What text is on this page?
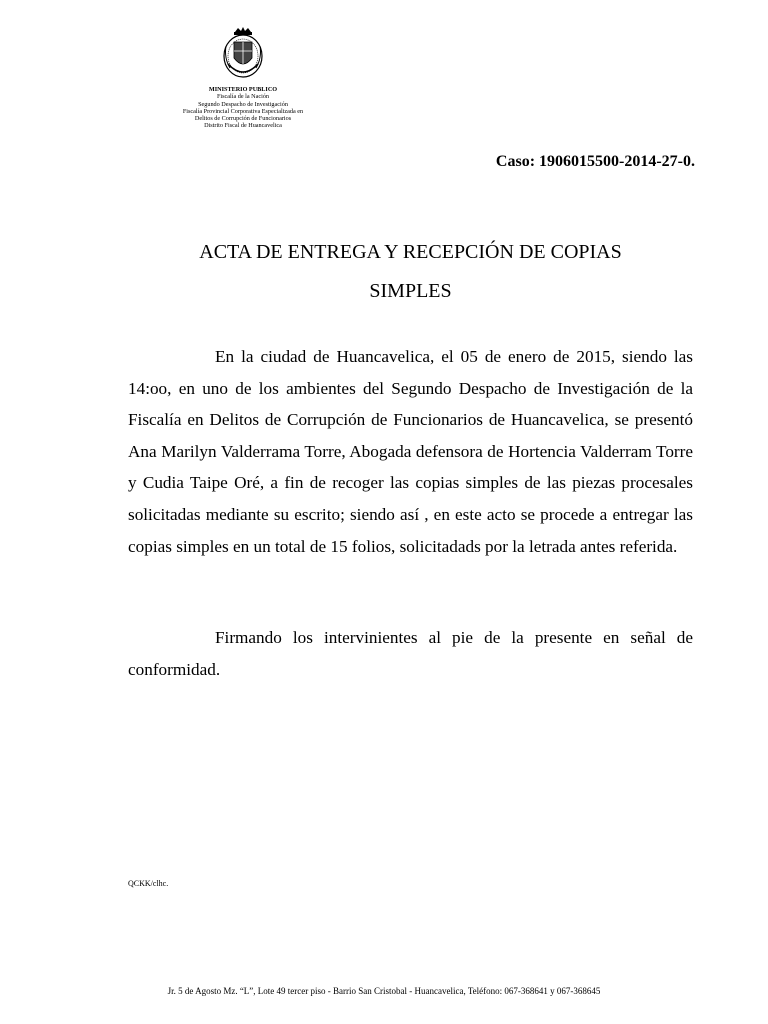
MINISTERIO PUBLICO
Fiscalía de la Nación
Segundo Despacho de Investigación
Fiscalía Provincial Corporativa Especializada en
Delitos de Corrupción de Funcionarios
Distrito Fiscal de Huancavelica
Caso: 1906015500-2014-27-0.
ACTA DE ENTREGA Y RECEPCIÓN DE COPIAS
SIMPLES
En la ciudad de Huancavelica, el 05 de enero de 2015, siendo las 14:oo, en uno de los ambientes del Segundo Despacho de Investigación de la Fiscalía en Delitos de Corrupción de Funcionarios de Huancavelica, se presentó Ana Marilyn Valderrama Torre, Abogada defensora de Hortencia Valderram Torre y Cudia Taipe Oré, a fin de recoger las copias simples de las piezas procesales solicitadas mediante su escrito; siendo así , en este acto se procede a entregar las copias simples en un total de 15 folios, solicitadads por la letrada antes referida.
Firmando los intervinientes al pie de la presente en señal de conformidad.
QCKK/clhc.
Jr. 5 de Agosto Mz. “L”, Lote 49 tercer piso - Barrio San Cristobal - Huancavelica, Teléfono: 067-368641 y 067-368645
